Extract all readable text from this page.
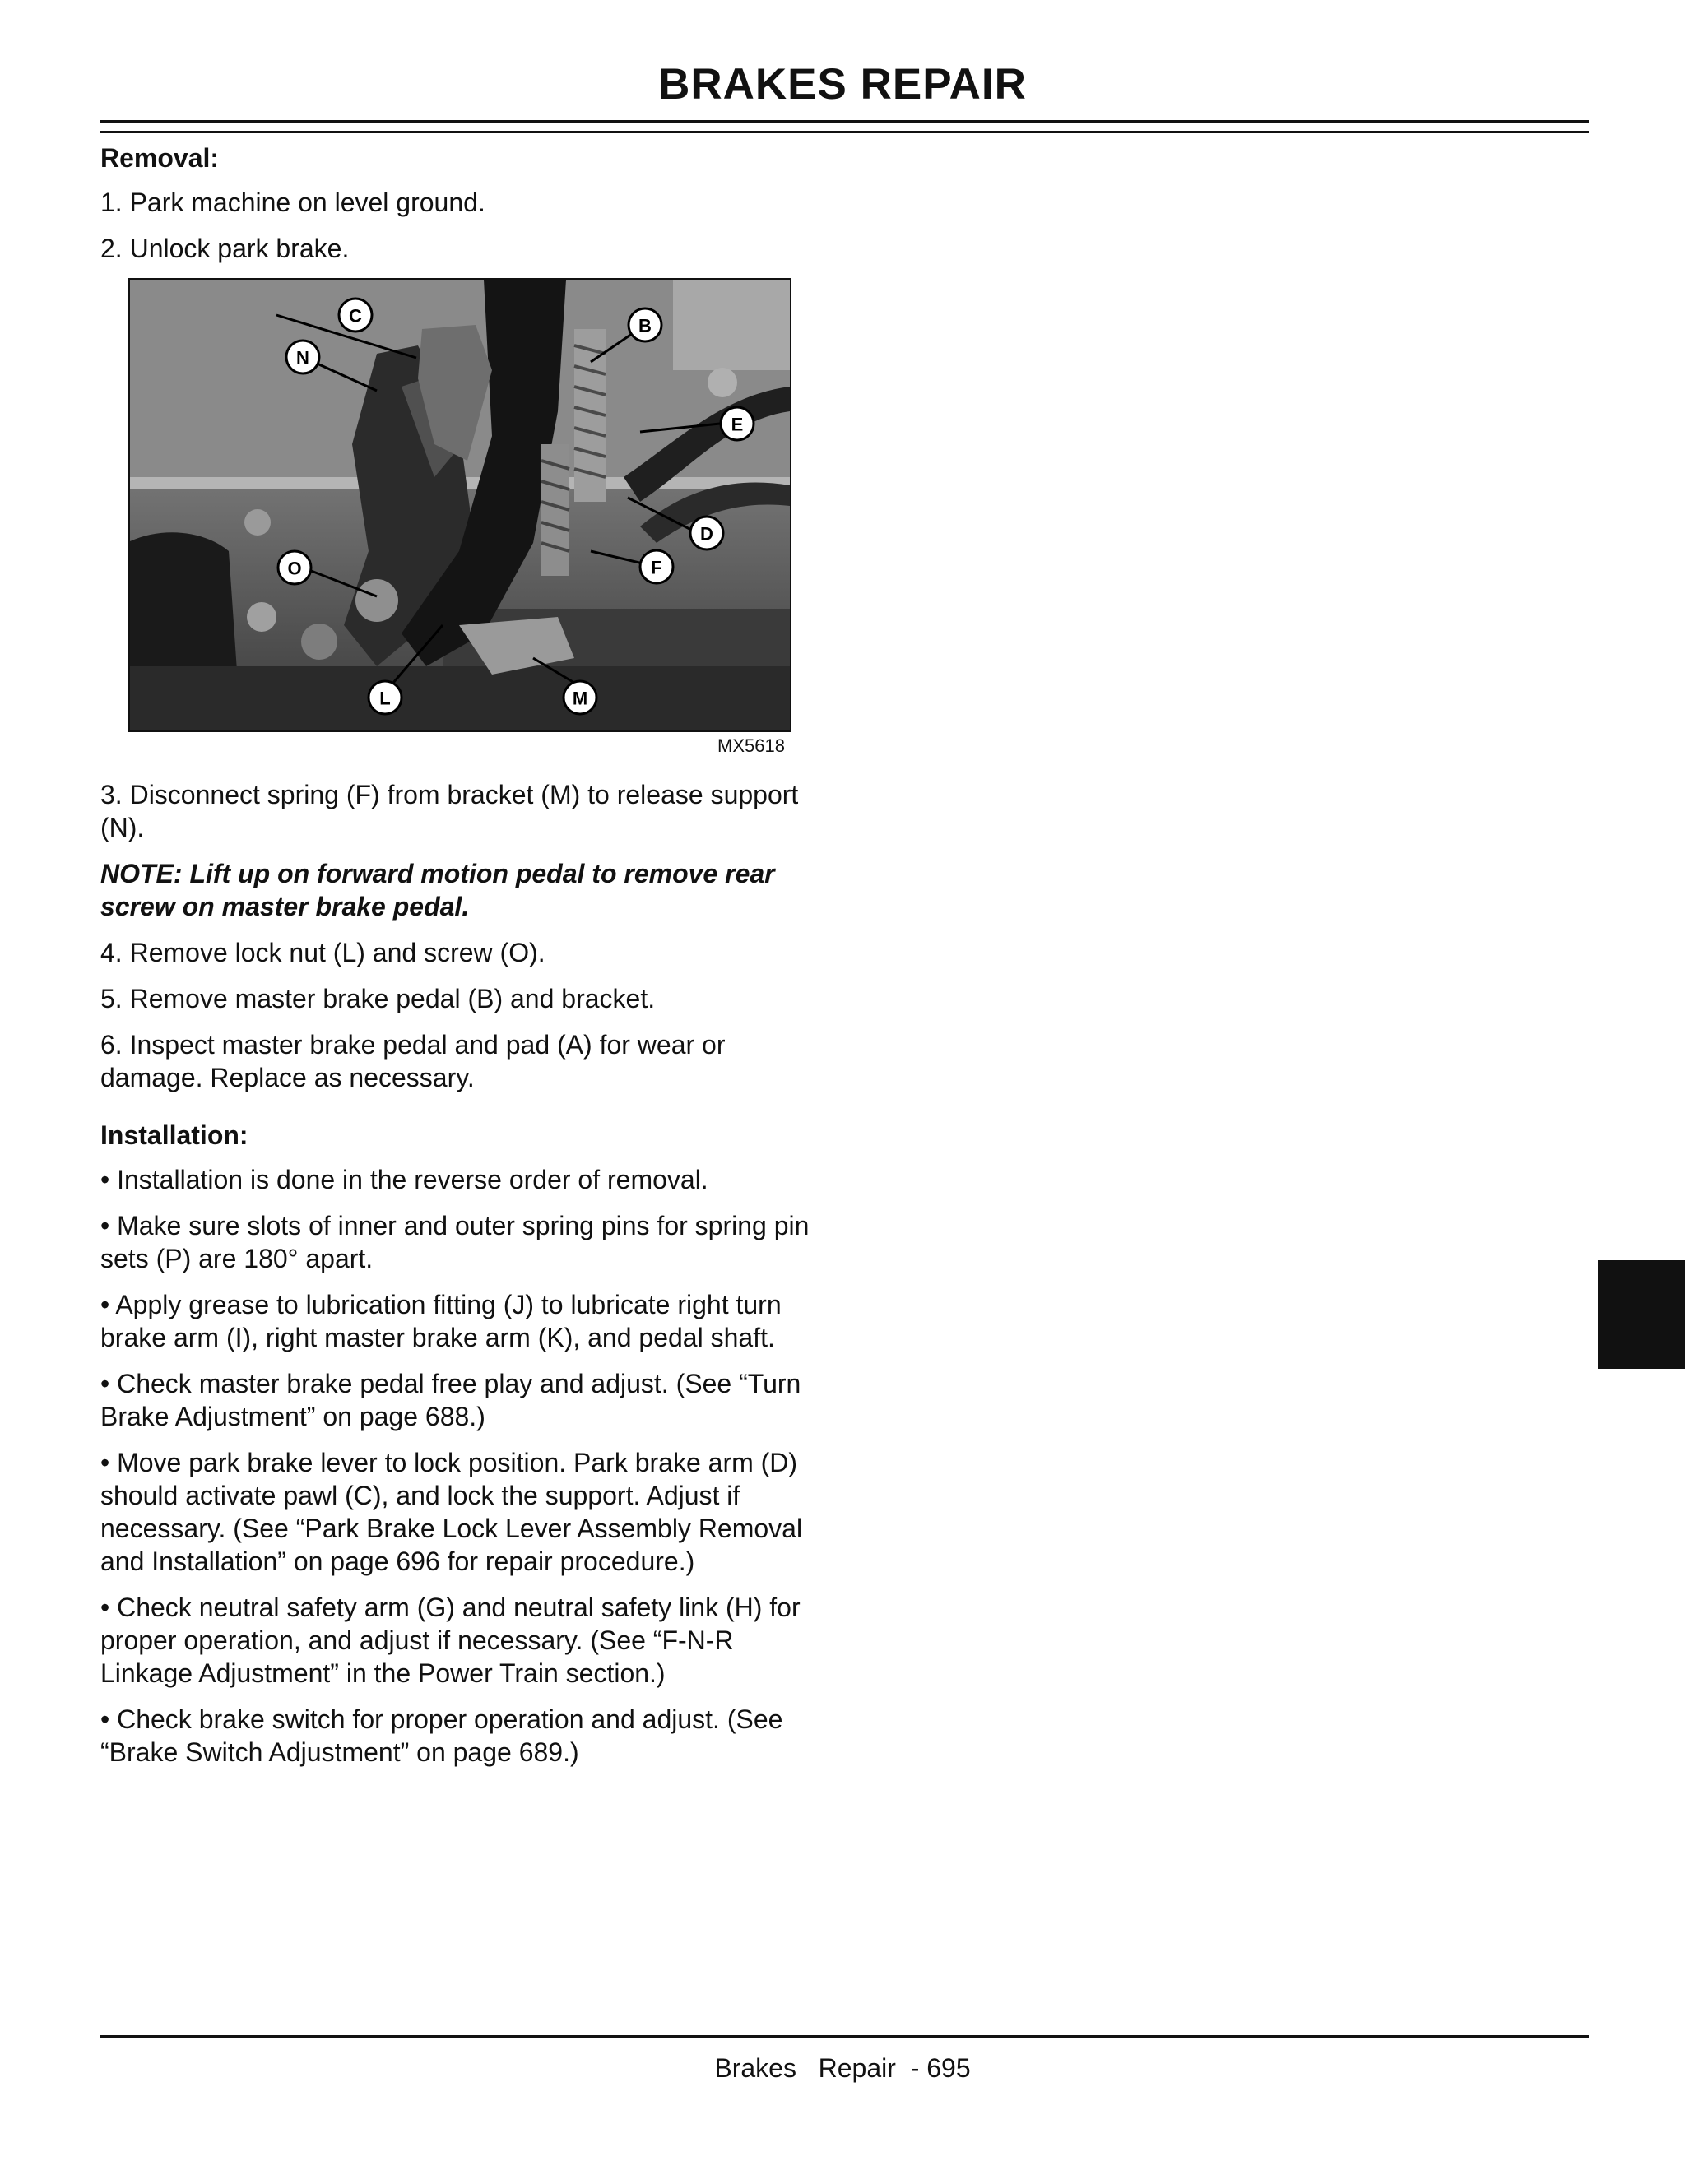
BRAKES REPAIR
Removal:
1. Park machine on level ground.
2. Unlock park brake.
C	B
N
E
D
O	F
L	M
MX5618
3. Disconnect spring (F) from bracket (M) to release support (N).
NOTE: Lift up on forward motion pedal to remove rear screw on master brake pedal.
4. Remove lock nut (L) and screw (O).
5. Remove master brake pedal (B) and bracket.
6. Inspect master brake pedal and pad (A) for wear or damage. Replace as necessary.
Installation:
• Installation is done in the reverse order of removal.
• Make sure slots of inner and outer spring pins for spring pin sets (P) are 180° apart.
• Apply grease to lubrication fitting (J) to lubricate right turn brake arm (I), right master brake arm (K), and pedal shaft.
• Check master brake pedal free play and adjust. (See “Turn Brake Adjustment” on page 688.)
• Move park brake lever to lock position. Park brake arm (D) should activate pawl (C), and lock the support. Adjust if necessary. (See “Park Brake Lock Lever Assembly Removal and Installation” on page 696 for repair procedure.)
• Check neutral safety arm (G) and neutral safety link (H) for proper operation, and adjust if necessary. (See “F-N-R Linkage Adjustment” in the Power Train section.)
• Check brake switch for proper operation and adjust. (See “Brake Switch Adjustment” on page 689.)
Brakes   Repair  - 695
